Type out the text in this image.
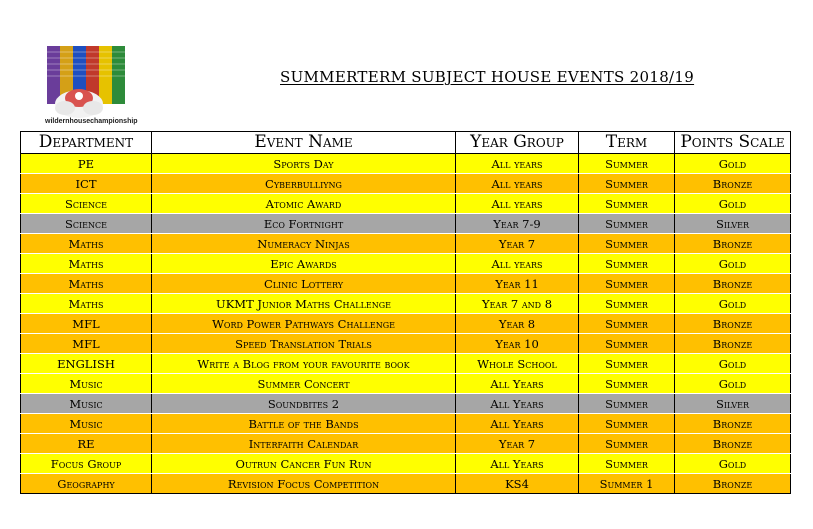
wildernhousechampionship
SUMMERTERM SUBJECT HOUSE EVENTS 2018/19
Department	Event Name	Year Group	Term	Points Scale
PE	Sports Day	All years	Summer	Gold
ICT	Cyberbulliyng	All years	Summer	Bronze
Science	Atomic Award	All years	Summer	Gold
Science	Eco Fortnight	Year 7-9	Summer	Silver
Maths	Numeracy Ninjas	Year 7	Summer	Bronze
Maths	Epic Awards	All years	Summer	Gold
Maths	Clinic Lottery	Year 11	Summer	Bronze
Maths	UKMT Junior Maths Challenge	Year 7 and 8	Summer	Gold
MFL	Word Power Pathways Challenge	Year 8	Summer	Bronze
MFL	Speed Translation Trials	Year 10	Summer	Bronze
ENGLISH	Write a Blog from your favourite book	Whole School	Summer	Gold
Music	Summer Concert	All Years	Summer	Gold
Music	Soundbites 2	All Years	Summer	Silver
Music	Battle of the Bands	All Years	Summer	Bronze
RE	Interfaith Calendar	Year 7	Summer	Bronze
Focus Group	Outrun Cancer Fun Run	All Years	Summer	Gold
Geography	Revision Focus Competition	KS4	Summer 1	Bronze
